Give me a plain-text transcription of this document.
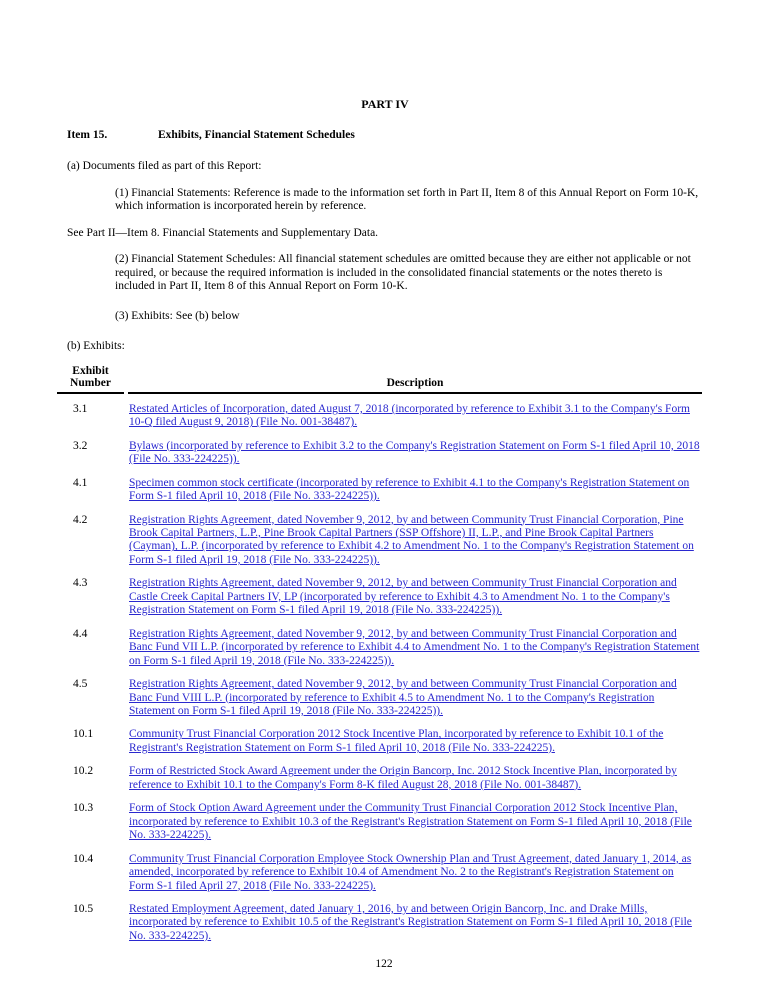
PART IV
Item 15.	Exhibits, Financial Statement Schedules
(a) Documents filed as part of this Report:
(1) Financial Statements: Reference is made to the information set forth in Part II, Item 8 of this Annual Report on Form 10-K, which information is incorporated herein by reference.
See Part II—Item 8. Financial Statements and Supplementary Data.
(2) Financial Statement Schedules: All financial statement schedules are omitted because they are either not applicable or not required, or because the required information is included in the consolidated financial statements or the notes thereto is included in Part II, Item 8 of this Annual Report on Form 10-K.
(3) Exhibits: See (b) below
(b) Exhibits:
Exhibit Number	Description
3.1	Restated Articles of Incorporation, dated August 7, 2018 (incorporated by reference to Exhibit 3.1 to the Company's Form 10-Q filed August 9, 2018) (File No. 001-38487).
3.2	Bylaws (incorporated by reference to Exhibit 3.2 to the Company's Registration Statement on Form S-1 filed April 10, 2018 (File No. 333-224225)).
4.1	Specimen common stock certificate (incorporated by reference to Exhibit 4.1 to the Company's Registration Statement on Form S-1 filed April 10, 2018 (File No. 333-224225)).
4.2	Registration Rights Agreement, dated November 9, 2012, by and between Community Trust Financial Corporation, Pine Brook Capital Partners, L.P., Pine Brook Capital Partners (SSP Offshore) II, L.P., and Pine Brook Capital Partners (Cayman), L.P. (incorporated by reference to Exhibit 4.2 to Amendment No. 1 to the Company's Registration Statement on Form S-1 filed April 19, 2018 (File No. 333-224225)).
4.3	Registration Rights Agreement, dated November 9, 2012, by and between Community Trust Financial Corporation and Castle Creek Capital Partners IV, LP (incorporated by reference to Exhibit 4.3 to Amendment No. 1 to the Company's Registration Statement on Form S-1 filed April 19, 2018 (File No. 333-224225)).
4.4	Registration Rights Agreement, dated November 9, 2012, by and between Community Trust Financial Corporation and Banc Fund VII L.P. (incorporated by reference to Exhibit 4.4 to Amendment No. 1 to the Company's Registration Statement on Form S-1 filed April 19, 2018 (File No. 333-224225)).
4.5	Registration Rights Agreement, dated November 9, 2012, by and between Community Trust Financial Corporation and Banc Fund VIII L.P. (incorporated by reference to Exhibit 4.5 to Amendment No. 1 to the Company's Registration Statement on Form S-1 filed April 19, 2018 (File No. 333-224225)).
10.1	Community Trust Financial Corporation 2012 Stock Incentive Plan, incorporated by reference to Exhibit 10.1 of the Registrant's Registration Statement on Form S-1 filed April 10, 2018 (File No. 333-224225).
10.2	Form of Restricted Stock Award Agreement under the Origin Bancorp, Inc. 2012 Stock Incentive Plan, incorporated by reference to Exhibit 10.1 to the Company's Form 8-K filed August 28, 2018 (File No. 001-38487).
10.3	Form of Stock Option Award Agreement under the Community Trust Financial Corporation 2012 Stock Incentive Plan, incorporated by reference to Exhibit 10.3 of the Registrant's Registration Statement on Form S-1 filed April 10, 2018 (File No. 333-224225).
10.4	Community Trust Financial Corporation Employee Stock Ownership Plan and Trust Agreement, dated January 1, 2014, as amended, incorporated by reference to Exhibit 10.4 of Amendment No. 2 to the Registrant's Registration Statement on Form S-1 filed April 27, 2018 (File No. 333-224225).
10.5	Restated Employment Agreement, dated January 1, 2016, by and between Origin Bancorp, Inc. and Drake Mills, incorporated by reference to Exhibit 10.5 of the Registrant's Registration Statement on Form S-1 filed April 10, 2018 (File No. 333-224225).
122
